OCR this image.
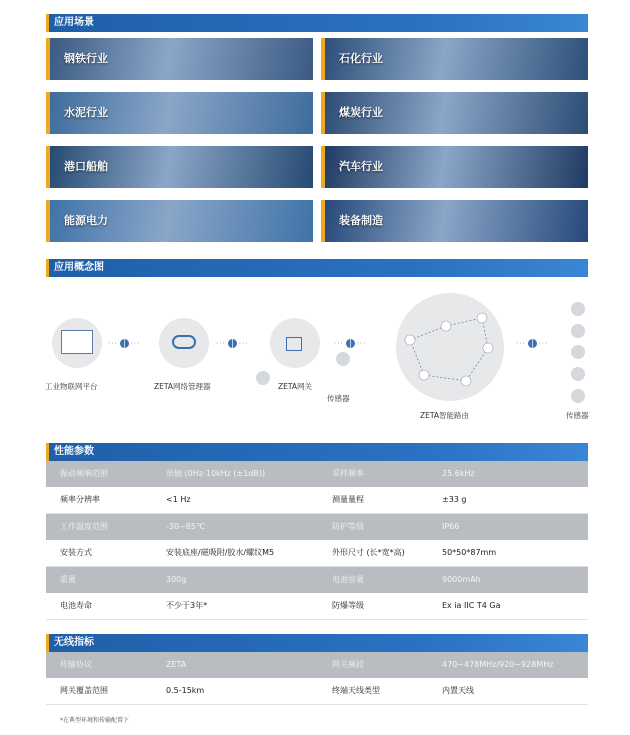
应用场景
钢铁行业	石化行业
水泥行业	煤炭行业
港口船舶	汽车行业
能源电力	装备制造
应用概念图
工业物联网平台
··· ···
ZETA网络管理器
··· ···
ZETA网关
传感器
··· ···
ZETA智能路由
··· ···
传感器
性能参数
振动频响范围	单轴 (0Hz-10kHz (±1dB))	采样频率	25.6kHz
频率分辨率	<1 Hz	测量量程	±33 g
工作温度范围	-30~85℃	防护等级	IP66
安装方式	安装底座/磁吸附/胶水/螺纹M5	外形尺寸 (长*宽*高)	50*50*87mm
重量	300g	电池容量	9000mAh
电池寿命	不少于3年*	防爆等级	Ex ia IIC T4 Ga
无线指标
传输协议	ZETA	网关频段	470~478MHz/920~928MHz
网关覆盖范围	0.5-15km	终端天线类型	内置天线
*在典型环境和传输配置下
